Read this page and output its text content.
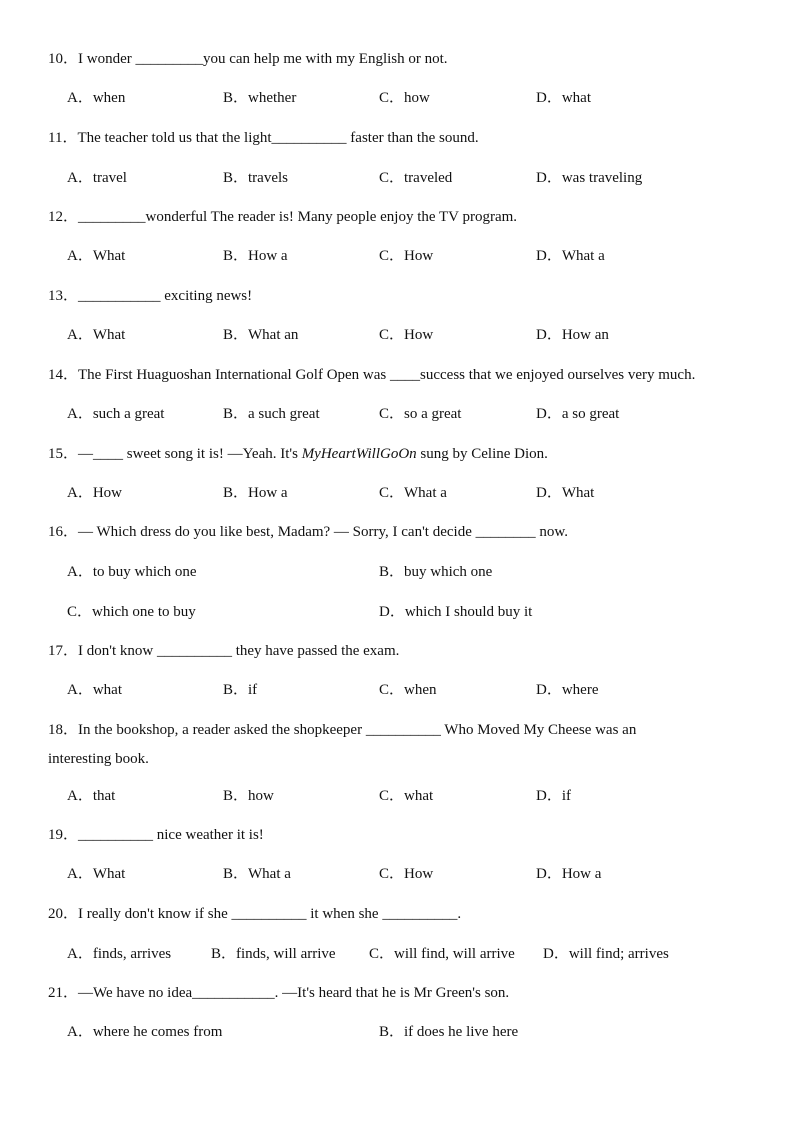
10．I wonder _________you can help me with my English or not.
A．when	B．whether	C．how	D．what
11．The teacher told us that the light__________ faster than the sound.
A．travel	B．travels	C．traveled	D．was traveling
12．_________wonderful The reader is! Many people enjoy the TV program.
A．What	B．How a	C．How	D．What a
13．___________ exciting news!
A．What	B．What an	C．How	D．How an
14．The First Huaguoshan International Golf Open was ____success that we enjoyed ourselves very much.
A．such a great	B．a such great	C．so a great	D．a so great
15．—____ sweet song it is! —Yeah. It's MyHeartWillGoOn sung by Celine Dion.
A．How	B．How a	C．What a	D．What
16．— Which dress do you like best, Madam? — Sorry, I can't decide ________ now.
A．to buy which one	B．buy which one
C．which one to buy	D．which I should buy it
17．I don't know __________ they have passed the exam.
A．what	B．if	C．when	D．where
18．In the bookshop, a reader asked the shopkeeper __________ Who Moved My Cheese was an
interesting book.
A．that	B．how	C．what	D．if
19．__________ nice weather it is!
A．What	B．What a	C．How	D．How a
20．I really don't know if she __________ it when she __________.
A．finds, arrives	B．finds, will arrive C．will find, will arrive D．will find; arrives
21．—We have no idea___________. —It's heard that he is Mr Green's son.
A．where he comes from	B．if does he live here
